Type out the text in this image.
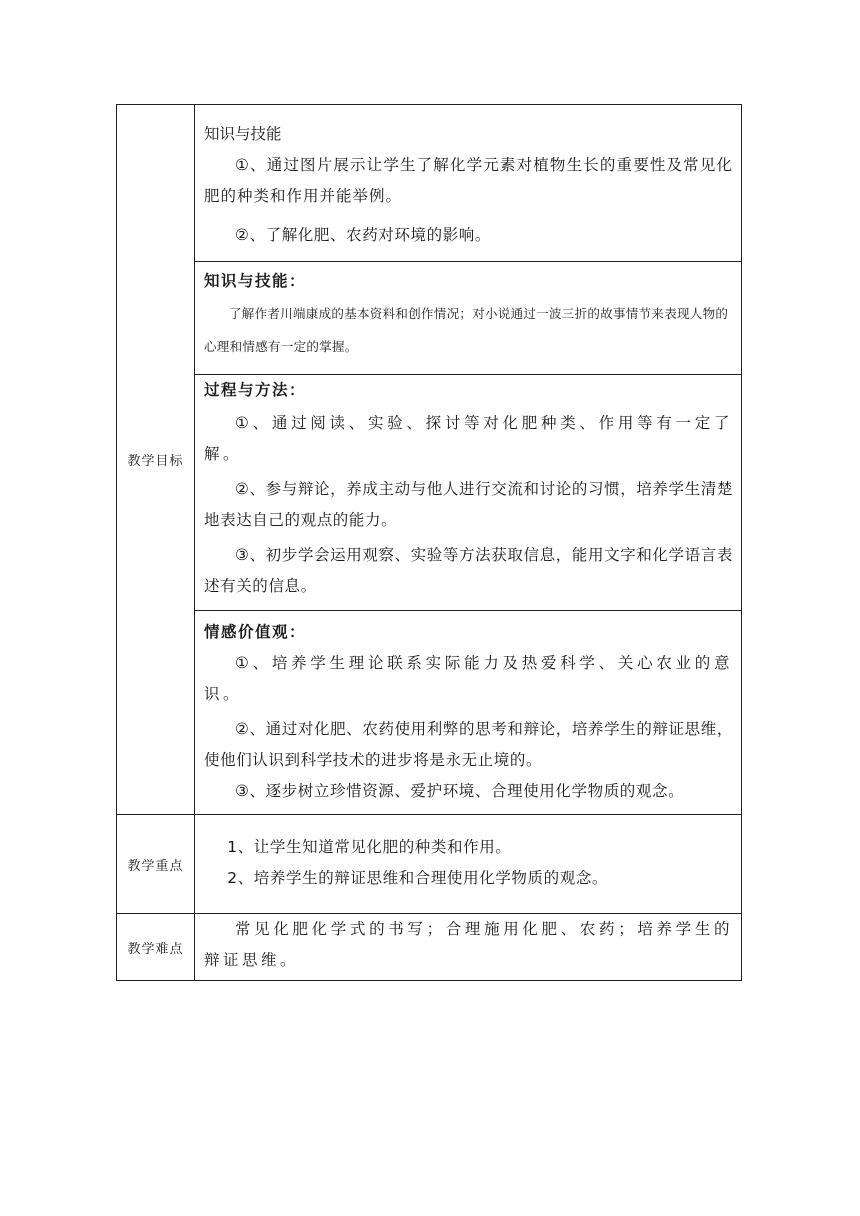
教学目标	知识与技能

①、通过图片展示让学生了解化学元素对植物生长的重要性及常见化肥的种类和作用并能举例。

②、了解化肥、农药对环境的影响。

	知识与技能：

了解作者川端康成的基本资料和创作情况；对小说通过一波三折的故事情节来表现人物的心理和情感有一定的掌握。

	过程与方法：

①、通过阅读、实验、探讨等对化肥种类、作用等有一定了解。

②、参与辩论，养成主动与他人进行交流和讨论的习惯，培养学生清楚地表达自己的观点的能力。

③、初步学会运用观察、实验等方法获取信息，能用文字和化学语言表述有关的信息。

	情感价值观：

①、培养学生理论联系实际能力及热爱科学、关心农业的意识。

②、通过对化肥、农药使用利弊的思考和辩论，培养学生的辩证思维，使他们认识到科学技术的进步将是永无止境的。

③、逐步树立珍惜资源、爱护环境、合理使用化学物质的观念。

教学重点	1、让学生知道常见化肥的种类和作用。

2、培养学生的辩证思维和合理使用化学物质的观念。

教学难点	常见化肥化学式的书写；合理施用化肥、农药；培养学生的辩证思维。
